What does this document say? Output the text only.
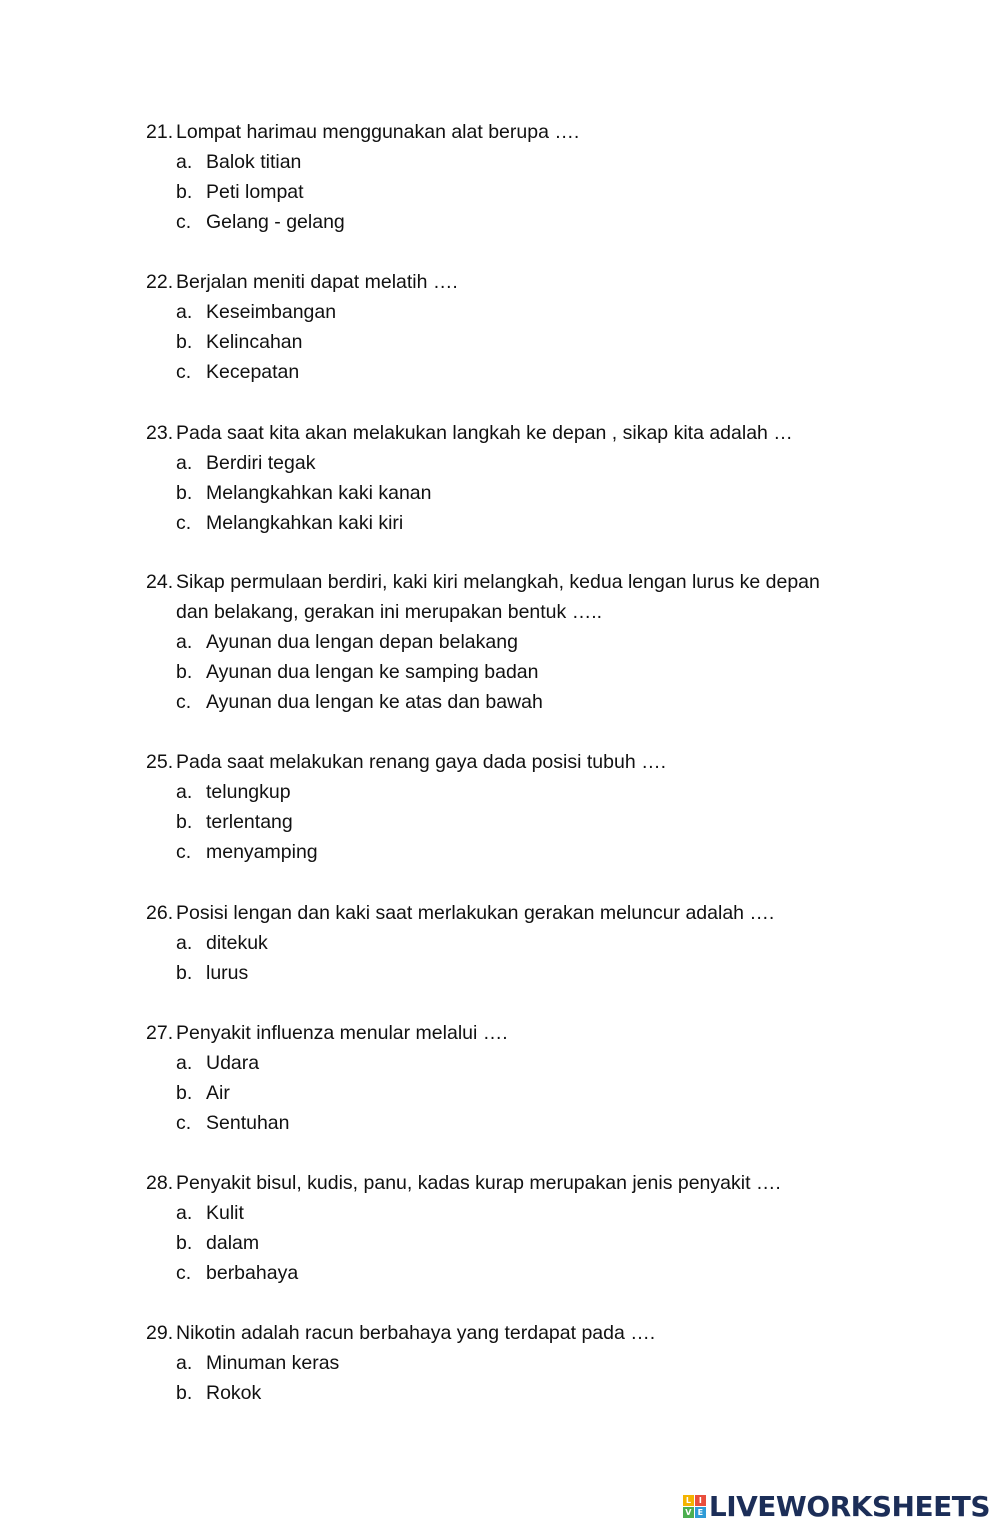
21. Lompat harimau menggunakan alat berupa ….
a. Balok titian
b. Peti lompat
c. Gelang - gelang
22. Berjalan meniti dapat melatih ….
a. Keseimbangan
b. Kelincahan
c. Kecepatan
23. Pada saat kita akan melakukan langkah ke depan , sikap kita adalah …
a. Berdiri tegak
b. Melangkahkan kaki kanan
c. Melangkahkan kaki kiri
24. Sikap permulaan berdiri, kaki kiri melangkah, kedua lengan lurus ke depan
dan belakang, gerakan ini merupakan bentuk …..
a. Ayunan dua lengan depan belakang
b. Ayunan dua lengan ke samping badan
c. Ayunan dua lengan ke atas dan bawah
25. Pada saat melakukan renang gaya dada posisi tubuh ….
a. telungkup
b. terlentang
c. menyamping
26. Posisi lengan dan kaki saat merlakukan gerakan meluncur adalah ….
a. ditekuk
b. lurus
27. Penyakit influenza menular melalui ….
a. Udara
b. Air
c. Sentuhan
28. Penyakit bisul, kudis, panu, kadas kurap merupakan jenis penyakit ….
a. Kulit
b. dalam
c. berbahaya
29. Nikotin adalah racun berbahaya yang terdapat pada ….
a. Minuman keras
b. Rokok
L I
V E LIVEWORKSHEETS
